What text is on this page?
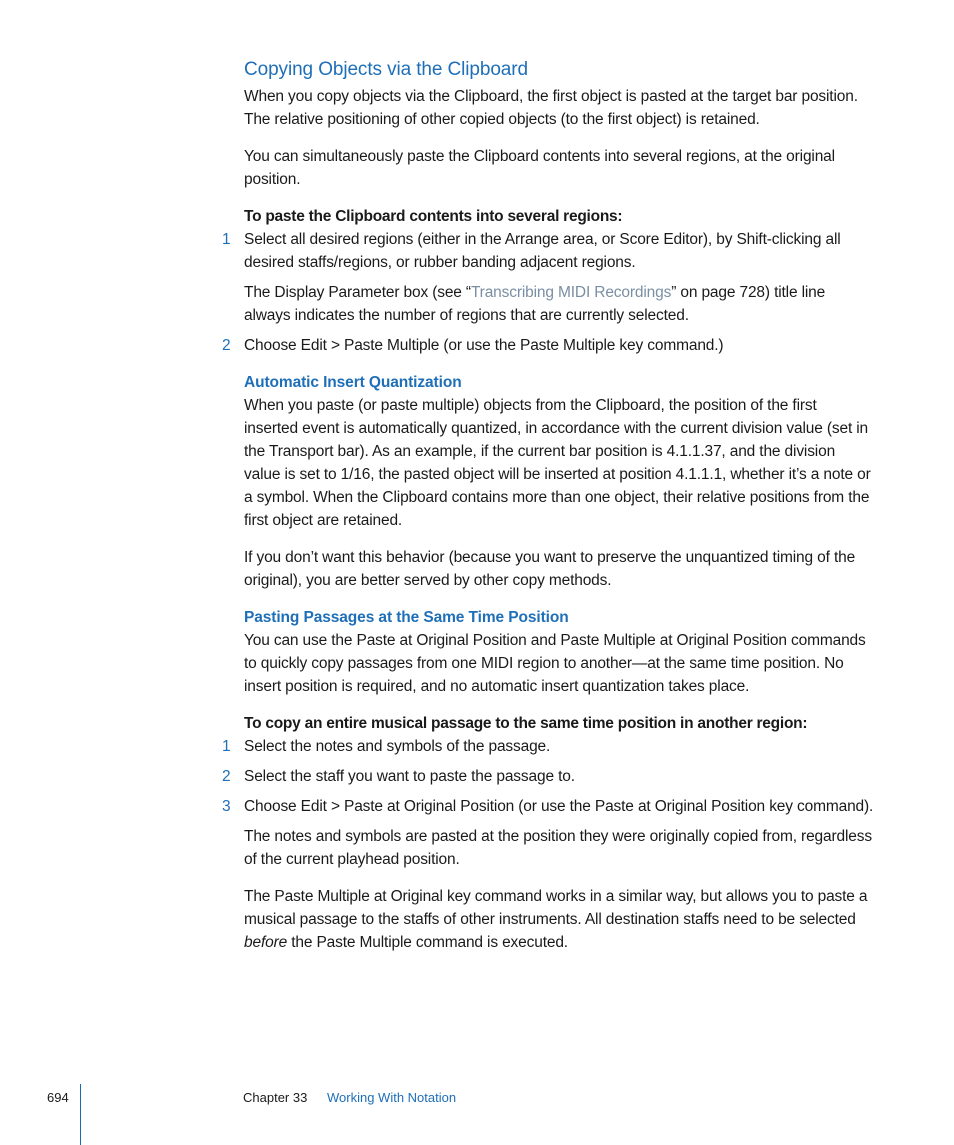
Copying Objects via the Clipboard

When you copy objects via the Clipboard, the first object is pasted at the target bar position. The relative positioning of other copied objects (to the first object) is retained.

You can simultaneously paste the Clipboard contents into several regions, at the original position.

To paste the Clipboard contents into several regions:

1 Select all desired regions (either in the Arrange area, or Score Editor), by Shift-clicking all desired staffs/regions, or rubber banding adjacent regions.

The Display Parameter box (see “Transcribing MIDI Recordings” on page 728) title line always indicates the number of regions that are currently selected.

2 Choose Edit > Paste Multiple (or use the Paste Multiple key command.)

Automatic Insert Quantization

When you paste (or paste multiple) objects from the Clipboard, the position of the first inserted event is automatically quantized, in accordance with the current division value (set in the Transport bar). As an example, if the current bar position is 4.1.1.37, and the division value is set to 1/16, the pasted object will be inserted at position 4.1.1.1, whether it’s a note or a symbol. When the Clipboard contains more than one object, their relative positions from the first object are retained.

If you don’t want this behavior (because you want to preserve the unquantized timing of the original), you are better served by other copy methods.

Pasting Passages at the Same Time Position

You can use the Paste at Original Position and Paste Multiple at Original Position commands to quickly copy passages from one MIDI region to another—at the same time position. No insert position is required, and no automatic insert quantization takes place.

To copy an entire musical passage to the same time position in another region:

1 Select the notes and symbols of the passage.

2 Select the staff you want to paste the passage to.

3 Choose Edit > Paste at Original Position (or use the Paste at Original Position key command).

The notes and symbols are pasted at the position they were originally copied from, regardless of the current playhead position.

The Paste Multiple at Original key command works in a similar way, but allows you to paste a musical passage to the staffs of other instruments. All destination staffs need to be selected before the Paste Multiple command is executed.

694	Chapter 33 Working With Notation
